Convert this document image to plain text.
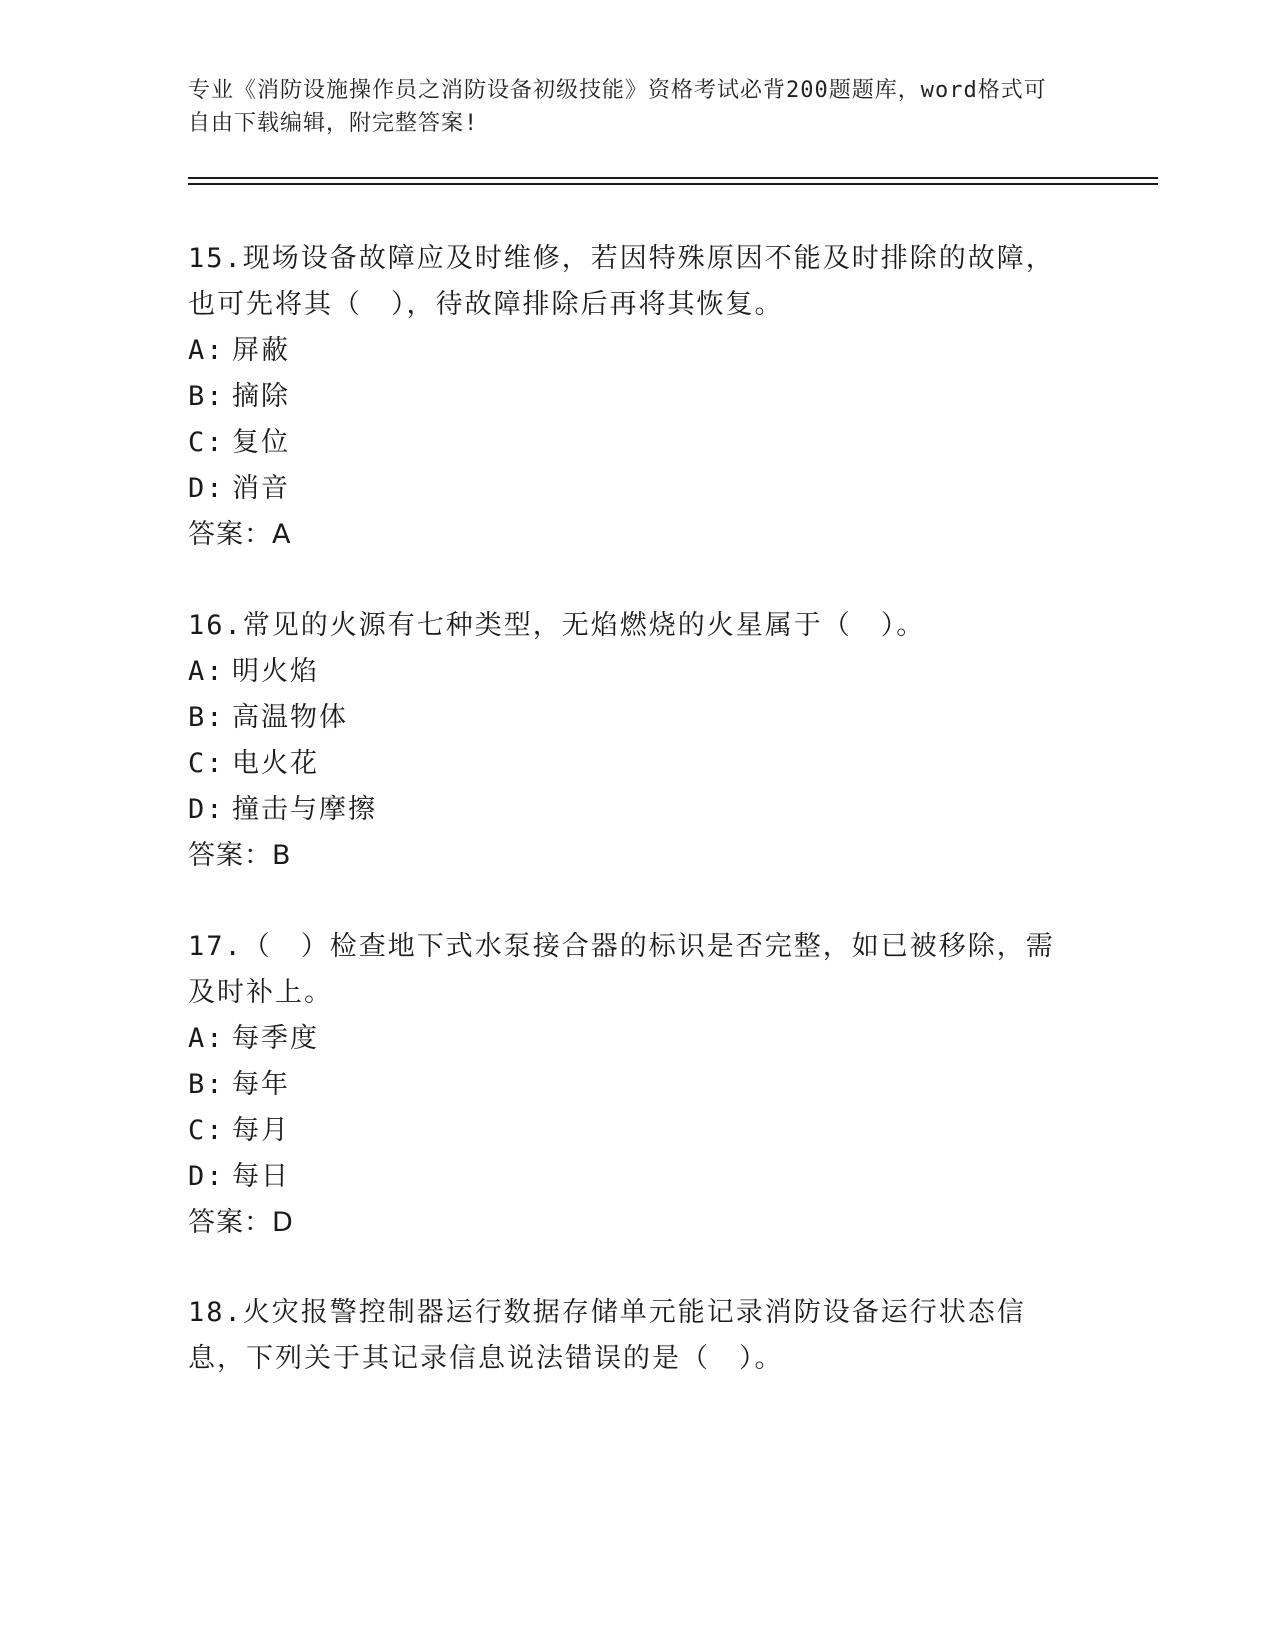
专业《消防设施操作员之消防设备初级技能》资格考试必背200题题库，word格式可自由下载编辑，附完整答案!

15.现场设备故障应及时维修，若因特殊原因不能及时排除的故障，也可先将其（　），待故障排除后再将其恢复。

A: 屏蔽

B: 摘除

C: 复位

D: 消音

答案：A

16.常见的火源有七种类型，无焰燃烧的火星属于（　）。

A: 明火焰

B: 高温物体

C: 电火花

D: 撞击与摩擦

答案：B

17.（　）检查地下式水泵接合器的标识是否完整，如已被移除，需及时补上。

A: 每季度

B: 每年

C: 每月

D: 每日

答案：D

18.火灾报警控制器运行数据存储单元能记录消防设备运行状态信息，下列关于其记录信息说法错误的是（　）。
